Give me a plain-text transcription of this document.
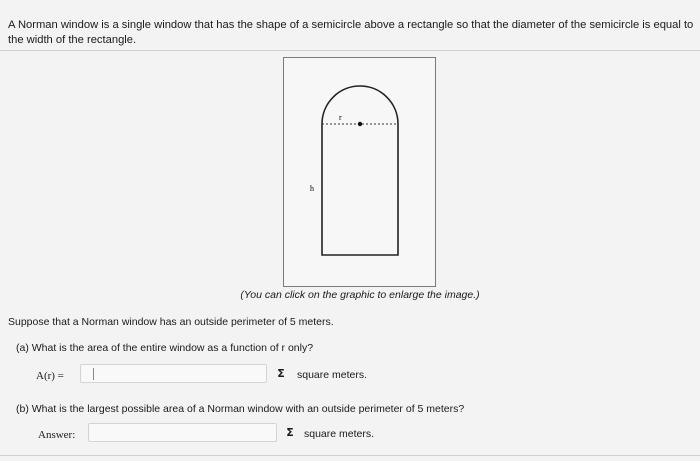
A Norman window is a single window that has the shape of a semicircle above a rectangle so that the diameter of the semicircle is equal to the width of the rectangle.
r
h
(You can click on the graphic to enlarge the image.)
Suppose that a Norman window has an outside perimeter of 5 meters.
(a) What is the area of the entire window as a function of r only?
A(r) =	Σ	square meters.
(b) What is the largest possible area of a Norman window with an outside perimeter of 5 meters?
Answer:	Σ square meters.
